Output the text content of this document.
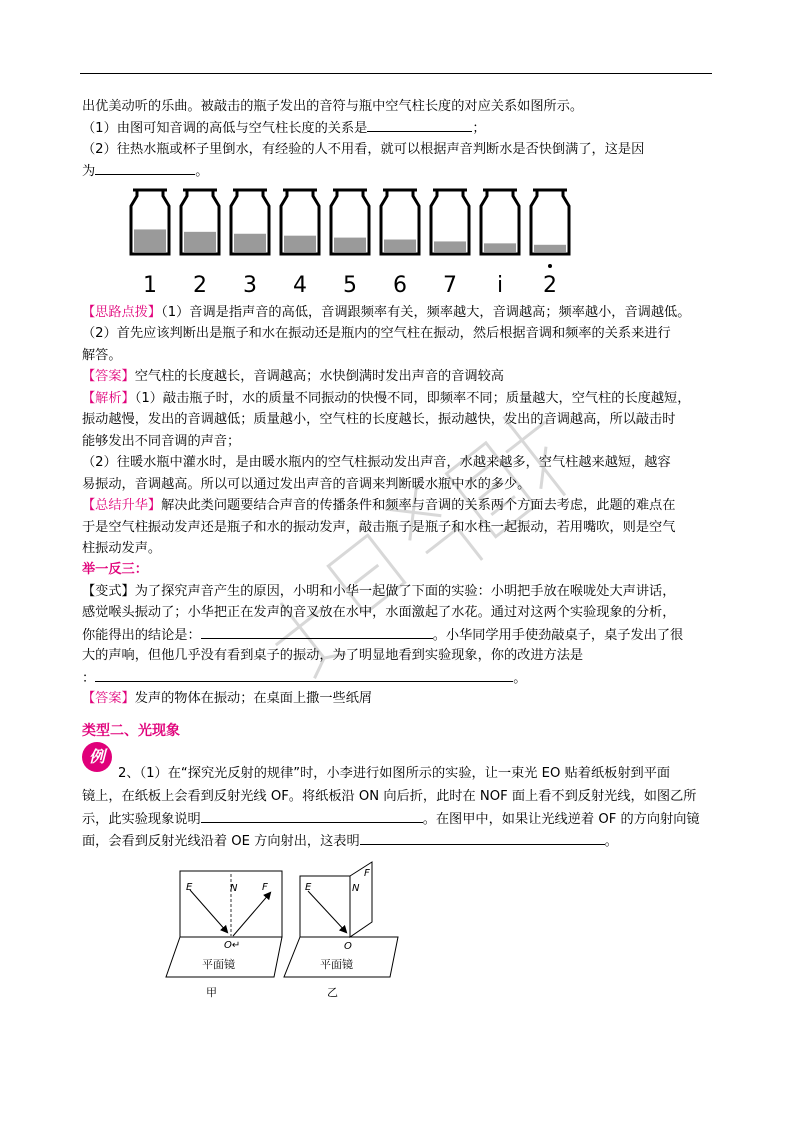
出优美动听的乐曲。被敲击的瓶子发出的音符与瓶中空气柱长度的对应关系如图所示。
（1）由图可知音调的高低与空气柱长度的关系是	；
（2）往热水瓶或杯子里倒水，有经验的人不用看，就可以根据声音判断水是否快倒满了，这是因
为	。
1 2 3 4 5 6 7 i 2
【思路点拨】（1）音调是指声音的高低，音调跟频率有关，频率越大，音调越高；频率越小，音调越低。
（2）首先应该判断出是瓶子和水在振动还是瓶内的空气柱在振动，然后根据音调和频率的关系来进行
解答。
【答案】空气柱的长度越长，音调越高；水快倒满时发出声音的音调较高
【解析】（1）敲击瓶子时，水的质量不同振动的快慢不同，即频率不同；质量越大，空气柱的长度越短，
振动越慢，发出的音调越低；质量越小，空气柱的长度越长，振动越快，发出的音调越高，所以敲击时
能够发出不同音调的声音；
（2）往暖水瓶中灌水时，是由暖水瓶内的空气柱振动发出声音，水越来越多，空气柱越来越短，越容
易振动，音调越高。所以可以通过发出声音的音调来判断暖水瓶中水的多少。
【总结升华】解决此类问题要结合声音的传播条件和频率与音调的关系两个方面去考虑，此题的难点在
于是空气柱振动发声还是瓶子和水的振动发声，敲击瓶子是瓶子和水柱一起振动，若用嘴吹，则是空气
柱振动发声。
举一反三：
【变式】为了探究声音产生的原因，小明和小华一起做了下面的实验：小明把手放在喉咙处大声讲话，
感觉喉头振动了；小华把正在发声的音叉放在水中，水面激起了水花。通过对这两个实验现象的分析，
你能得出的结论是：	。小华同学用手使劲敲桌子，桌子发出了很
大的声响，但他几乎没有看到桌子的振动，为了明显地看到实验现象，你的改进方法是
：	。
【答案】发声的物体在振动；在桌面上撒一些纸屑
类型二、光现象
例
2、（1）在“探究光反射的规律”时，小李进行如图所示的实验，让一束光 EO 贴着纸板射到平面
镜上，在纸板上会看到反射光线 OF。将纸板沿 ON 向后折，此时在 NOF 面上看不到反射光线，如图乙所
示，此实验现象说明	。在图甲中，如果让光线逆着 OF 的方向射向镜
面，会看到反射光线沿着 OE 方向射出，这表明	。
E	N F
O↵
平面镜
甲
E	N
F
O
平面镜
乙
